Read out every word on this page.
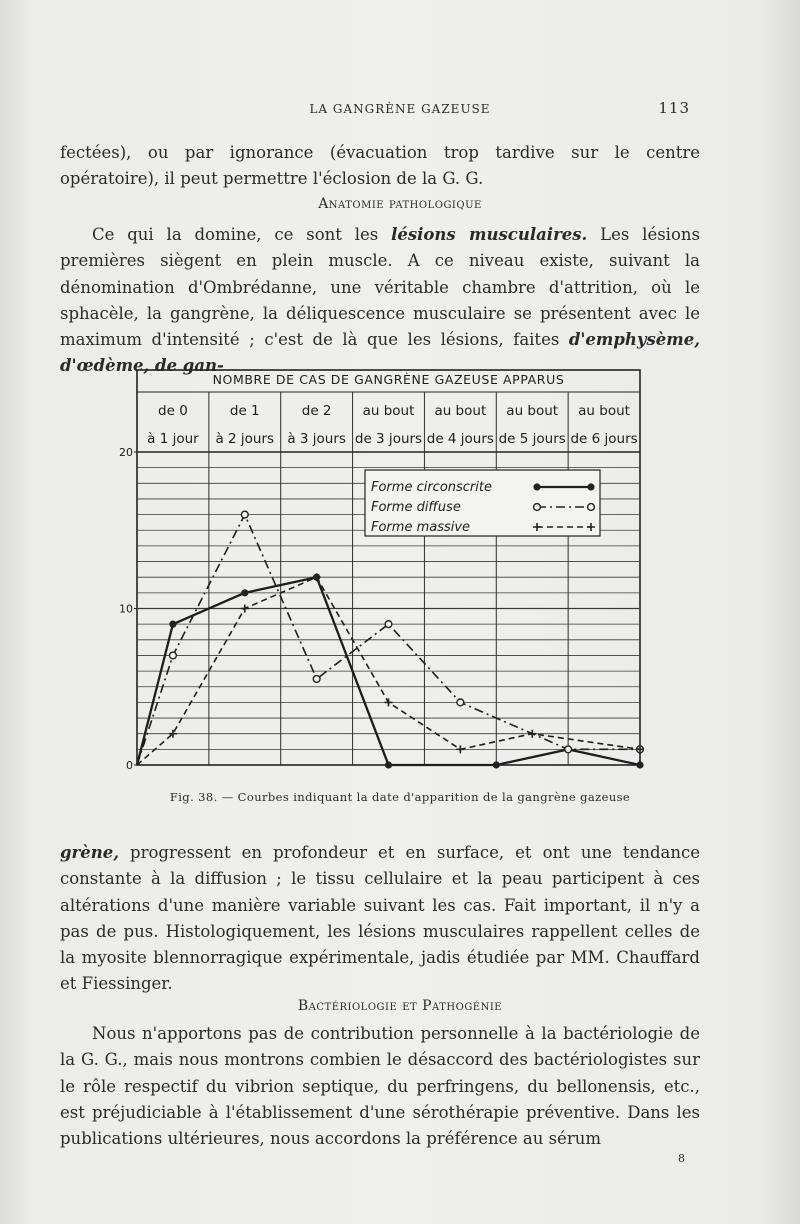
LA GANGRÈNE GAZEUSE	113

fectées), ou par ignorance (évacuation trop tardive sur le centre opératoire), il peut permettre l'éclosion de la G. G.

Anatomie pathologique

Ce qui la domine, ce sont les lésions musculaires. Les lésions premières siègent en plein muscle. A ce niveau existe, suivant la dénomination d'Ombrédanne, une véritable chambre d'attrition, où le sphacèle, la gangrène, la déliquescence musculaire se présentent avec le maximum d'intensité ; c'est de là que les lésions, faites d'emphysème, d'œdème, de gan-

NOMBRE DE CAS DE GANGRÈNE GAZEUSE APPARUS
de 0
à 1 jour
de 1
à 2 jours
de 2
à 3 jours
au bout
de 3 jours
au bout
de 4 jours
au bout
de 5 jours
au bout
de 6 jours
0
10
20
Forme circonscrite
Forme diffuse
Forme massive
Fig. 38. — Courbes indiquant la date d'apparition de la gangrène gazeuse

grène, progressent en profondeur et en surface, et ont une tendance constante à la diffusion ; le tissu cellulaire et la peau participent à ces altérations d'une manière variable suivant les cas. Fait important, il n'y a pas de pus. Histologiquement, les lésions musculaires rappellent celles de la myosite blennorragique expérimentale, jadis étudiée par MM. Chauffard et Fiessinger.

Bactériologie et Pathogénie

Nous n'apportons pas de contribution personnelle à la bactériologie de la G. G., mais nous montrons combien le désaccord des bactériologistes sur le rôle respectif du vibrion septique, du perfringens, du bellonensis, etc., est préjudiciable à l'établissement d'une sérothérapie préventive. Dans les publications ultérieures, nous accordons la préférence au sérum

8
